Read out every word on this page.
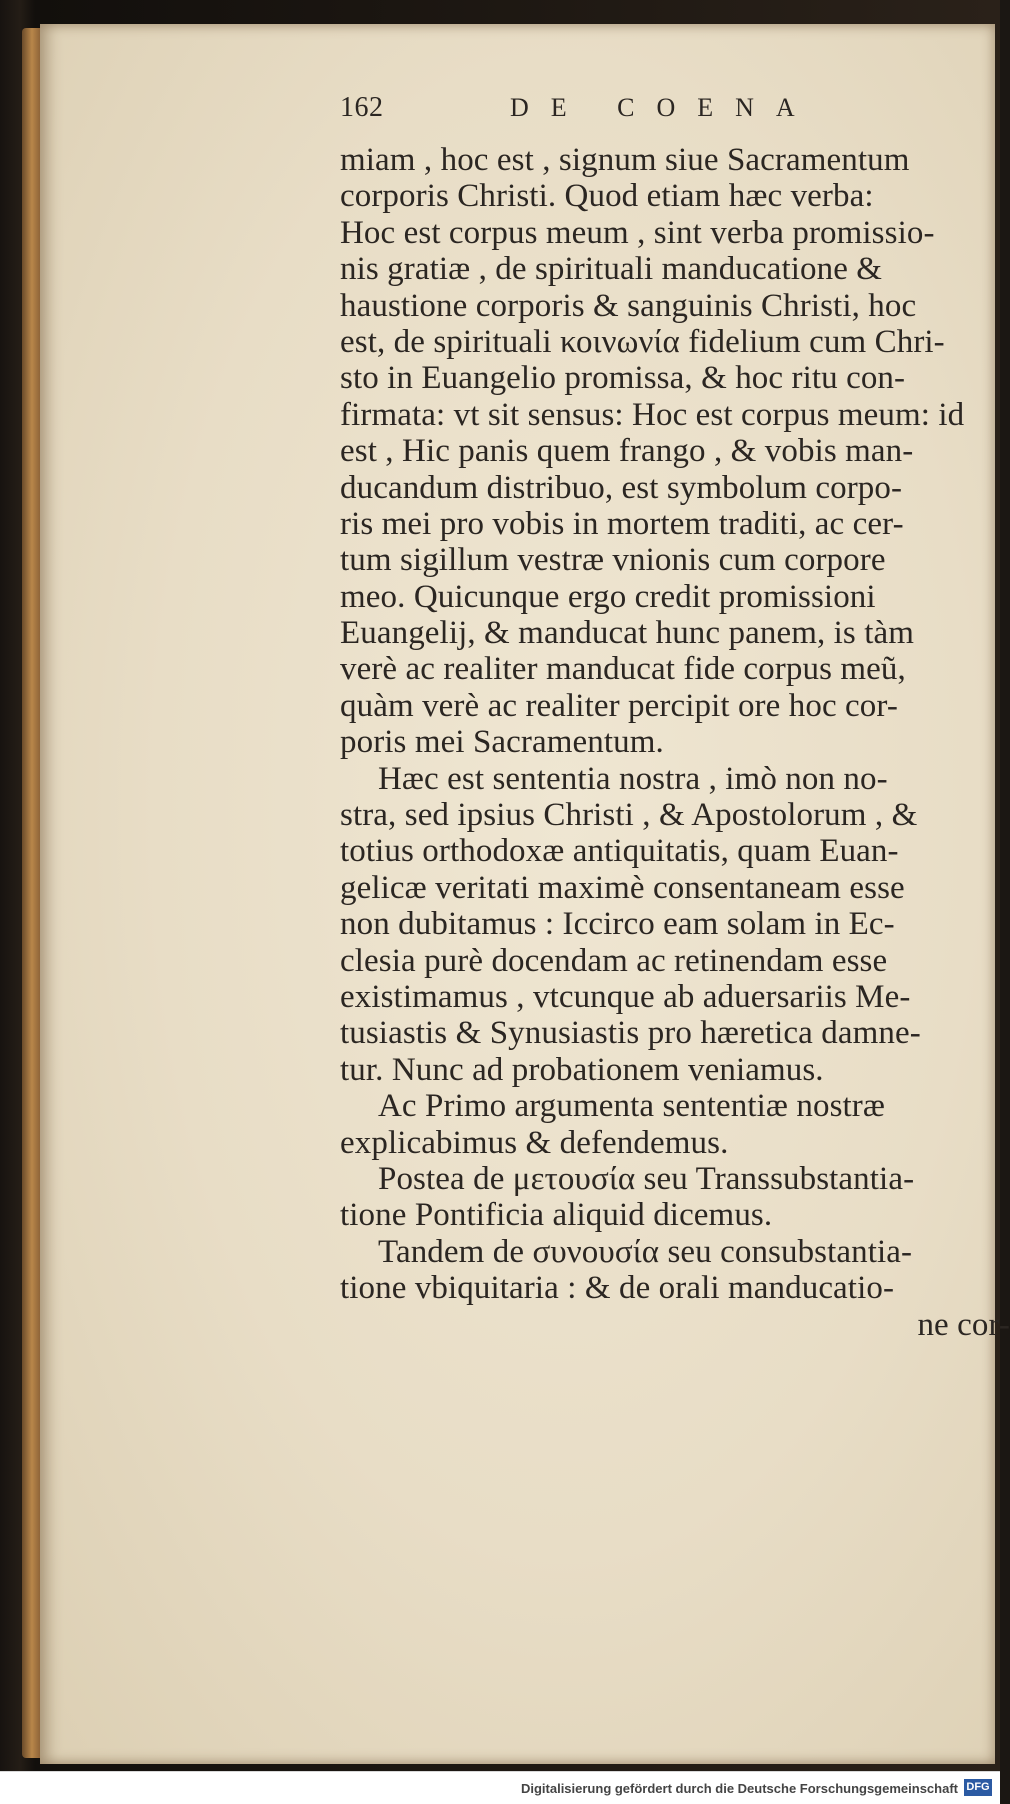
162	DE COENA
miam , hoc est , signum siue Sacramentum
corporis Christi. Quod etiam hæc verba:
Hoc est corpus meum , sint verba promissio-
nis gratiæ , de spirituali manducatione &
haustione corporis & sanguinis Christi, hoc
est, de spirituali κοινωνία fidelium cum Chri-
sto in Euangelio promissa, & hoc ritu con-
firmata: vt sit sensus: Hoc est corpus meum: id
est , Hic panis quem frango , & vobis man-
ducandum distribuo, est symbolum corpo-
ris mei pro vobis in mortem traditi, ac cer-
tum sigillum vestræ vnionis cum corpore
meo. Quicunque ergo credit promissioni
Euangelij, & manducat hunc panem, is tàm
verè ac realiter manducat fide corpus meũ,
quàm verè ac realiter percipit ore hoc cor-
poris mei Sacramentum.
Hæc est sententia nostra , imò non no-
stra, sed ipsius Christi , & Apostolorum , &
totius orthodoxæ antiquitatis, quam Euan-
gelicæ veritati maximè consentaneam esse
non dubitamus : Iccirco eam solam in Ec-
clesia purè docendam ac retinendam esse
existimamus , vtcunque ab aduersariis Me-
tusiastis & Synusiastis pro hæretica damne-
tur. Nunc ad probationem veniamus.
Ac Primo argumenta sententiæ nostræ
explicabimus & defendemus.
Postea de μετουσία seu Transsubstantia-
tione Pontificia aliquid dicemus.
Tandem de συνουσία seu consubstantia-
tione vbiquitaria : & de orali manducatio-
ne cor-
Digitalisierung gefördert durch die Deutsche Forschungsgemeinschaft DFG
